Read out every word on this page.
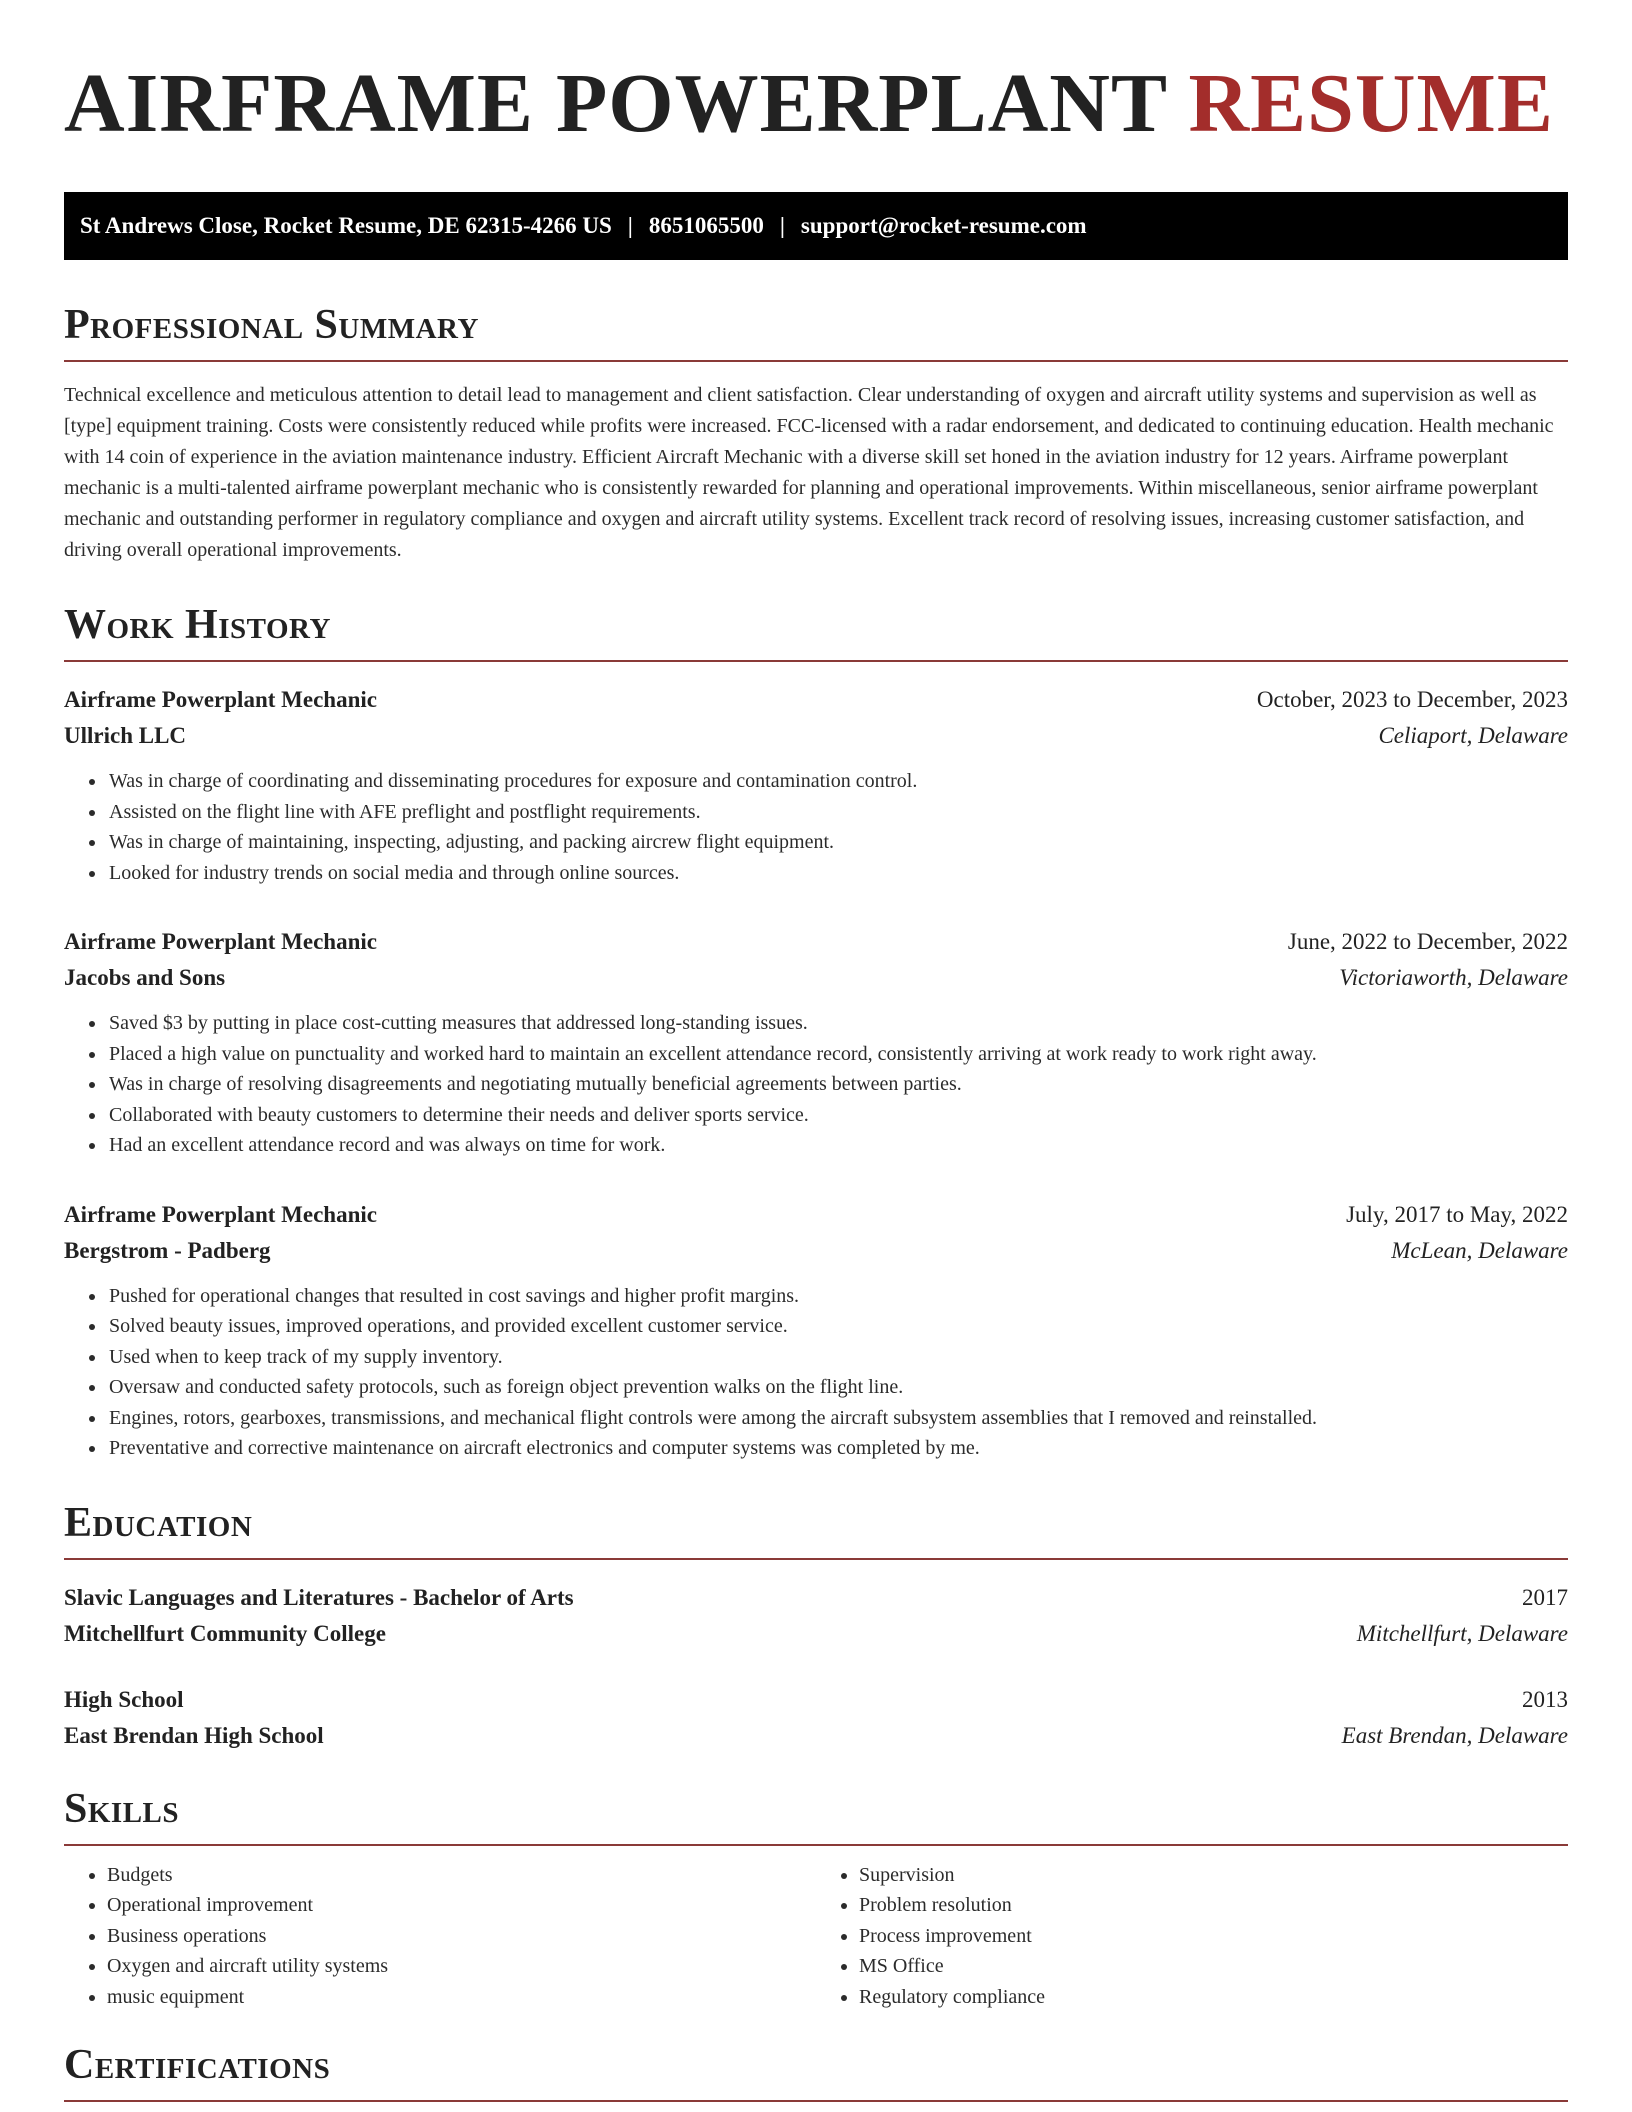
AIRFRAME POWERPLANT RESUME
St Andrews Close, Rocket Resume, DE 62315-4266 US | 8651065500 | support@rocket-resume.com
Professional Summary

Technical excellence and meticulous attention to detail lead to management and client satisfaction. Clear understanding of oxygen and aircraft utility systems and supervision as well as [type] equipment training. Costs were consistently reduced while profits were increased. FCC-licensed with a radar endorsement, and dedicated to continuing education. Health mechanic with 14 coin of experience in the aviation maintenance industry. Efficient Aircraft Mechanic with a diverse skill set honed in the aviation industry for 12 years. Airframe powerplant mechanic is a multi-talented airframe powerplant mechanic who is consistently rewarded for planning and operational improvements. Within miscellaneous, senior airframe powerplant mechanic and outstanding performer in regulatory compliance and oxygen and aircraft utility systems. Excellent track record of resolving issues, increasing customer satisfaction, and driving overall operational improvements.

Work History
Airframe Powerplant Mechanic	October, 2023 to December, 2023
Ullrich LLC	Celiaport, Delaware
• Was in charge of coordinating and disseminating procedures for exposure and contamination control.
• Assisted on the flight line with AFE preflight and postflight requirements.
• Was in charge of maintaining, inspecting, adjusting, and packing aircrew flight equipment.
• Looked for industry trends on social media and through online sources.
Airframe Powerplant Mechanic	June, 2022 to December, 2022
Jacobs and Sons	Victoriaworth, Delaware
• Saved $3 by putting in place cost-cutting measures that addressed long-standing issues.
• Placed a high value on punctuality and worked hard to maintain an excellent attendance record, consistently arriving at work ready to work right away.
• Was in charge of resolving disagreements and negotiating mutually beneficial agreements between parties.
• Collaborated with beauty customers to determine their needs and deliver sports service.
• Had an excellent attendance record and was always on time for work.
Airframe Powerplant Mechanic	July, 2017 to May, 2022
Bergstrom - Padberg	McLean, Delaware
• Pushed for operational changes that resulted in cost savings and higher profit margins.
• Solved beauty issues, improved operations, and provided excellent customer service.
• Used when to keep track of my supply inventory.
• Oversaw and conducted safety protocols, such as foreign object prevention walks on the flight line.
• Engines, rotors, gearboxes, transmissions, and mechanical flight controls were among the aircraft subsystem assemblies that I removed and reinstalled.
• Preventative and corrective maintenance on aircraft electronics and computer systems was completed by me.
Education
Slavic Languages and Literatures - Bachelor of Arts	2017
Mitchellfurt Community College	Mitchellfurt, Delaware
High School	2013
East Brendan High School	East Brendan, Delaware
Skills
• Budgets
• Operational improvement
• Business operations
• Oxygen and aircraft utility systems
• music equipment
• Supervision
• Problem resolution
• Process improvement
• MS Office
• Regulatory compliance
Certifications
